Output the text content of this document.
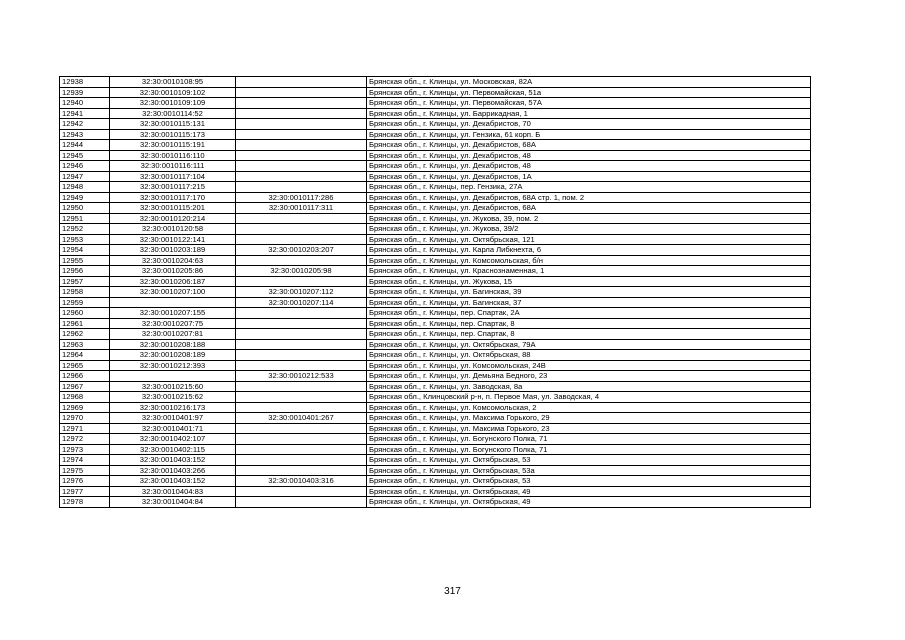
12938	32:30:0010108:95		Брянская обл., г. Клинцы, ул. Московская, 82А
12939	32:30:0010109:102		Брянская обл., г. Клинцы, ул. Первомайская, 51а
12940	32:30:0010109:109		Брянская обл., г. Клинцы, ул. Первомайская, 57А
12941	32:30:0010114:52		Брянская обл., г. Клинцы, ул. Баррикадная, 1
12942	32:30:0010115:131		Брянская обл., г. Клинцы, ул. Декабристов, 70
12943	32:30:0010115:173		Брянская обл., г. Клинцы, ул. Гензика, 61 корп. Б
12944	32:30:0010115:191		Брянская обл., г. Клинцы, ул. Декабристов, 68А
12945	32:30:0010116:110		Брянская обл., г. Клинцы, ул. Декабристов, 48
12946	32:30:0010116:111		Брянская обл., г. Клинцы, ул. Декабристов, 48
12947	32:30:0010117:104		Брянская обл., г. Клинцы, ул. Декабристов, 1А
12948	32:30:0010117:215		Брянская обл., г. Клинцы, пер. Гензика, 27А
12949	32:30:0010117:170	32:30:0010117:286	Брянская обл., г. Клинцы, ул. Декабристов, 68А стр. 1, пом. 2
12950	32:30:0010115:201	32:30:0010117:311	Брянская обл., г. Клинцы, ул. Декабристов, 68А
12951	32:30:0010120:214		Брянская обл., г. Клинцы, ул. Жукова, 39, пом. 2
12952	32:30:0010120:58		Брянская обл., г. Клинцы, ул. Жукова, 39/2
12953	32:30:0010122:141		Брянская обл., г. Клинцы, ул. Октябрьская, 121
12954	32:30:0010203:189	32:30:0010203:207	Брянская обл., г. Клинцы, ул. Карла Либкнехта, 6
12955	32:30:0010204:63		Брянская обл., г. Клинцы, ул. Комсомольская, б/н
12956	32:30:0010205:86	32:30:0010205:98	Брянская обл., г. Клинцы, ул. Краснознаменная, 1
12957	32:30:0010206:187		Брянская обл., г. Клинцы, ул. Жукова, 15
12958	32:30:0010207:100	32:30:0010207:112	Брянская обл., г. Клинцы, ул. Багинская, 39
12959		32:30:0010207:114	Брянская обл., г. Клинцы, ул. Багинская, 37
12960	32:30:0010207:155		Брянская обл., г. Клинцы, пер. Спартак, 2А
12961	32:30:0010207:75		Брянская обл., г. Клинцы, пер. Спартак, 8
12962	32:30:0010207:81		Брянская обл., г. Клинцы, пер. Спартак, 8
12963	32:30:0010208:188		Брянская обл., г. Клинцы, ул. Октябрьская, 79А
12964	32:30:0010208:189		Брянская обл., г. Клинцы, ул. Октябрьская, 88
12965	32:30:0010212:393		Брянская обл., г. Клинцы, ул. Комсомольская, 24В
12966		32:30:0010212:533	Брянская обл., г. Клинцы, ул. Демьяна Бедного, 23
12967	32:30:0010215:60		Брянская обл., г. Клинцы, ул. Заводская, 8а
12968	32:30:0010215:62		Брянская обл., Клинцовский р-н, п. Первое Мая, ул. Заводская, 4
12969	32:30:0010216:173		Брянская обл., г. Клинцы, ул. Комсомольская, 2
12970	32:30:0010401:97	32:30:0010401:267	Брянская обл., г. Клинцы, ул. Максима Горького, 29
12971	32:30:0010401:71		Брянская обл., г. Клинцы, ул. Максима Горького, 23
12972	32:30:0010402:107		Брянская обл., г. Клинцы, ул. Богунского Полка, 71
12973	32:30:0010402:115		Брянская обл., г. Клинцы, ул. Богунского Полка, 71
12974	32:30:0010403:152		Брянская обл., г. Клинцы, ул. Октябрьская, 53
12975	32:30:0010403:266		Брянская обл., г. Клинцы, ул. Октябрьская, 53а
12976	32:30:0010403:152	32:30:0010403:316	Брянская обл., г. Клинцы, ул. Октябрьская, 53
12977	32:30:0010404:83		Брянская обл., г. Клинцы, ул. Октябрьская, 49
12978	32:30:0010404:84		Брянская обл., г. Клинцы, ул. Октябрьская, 49
317
